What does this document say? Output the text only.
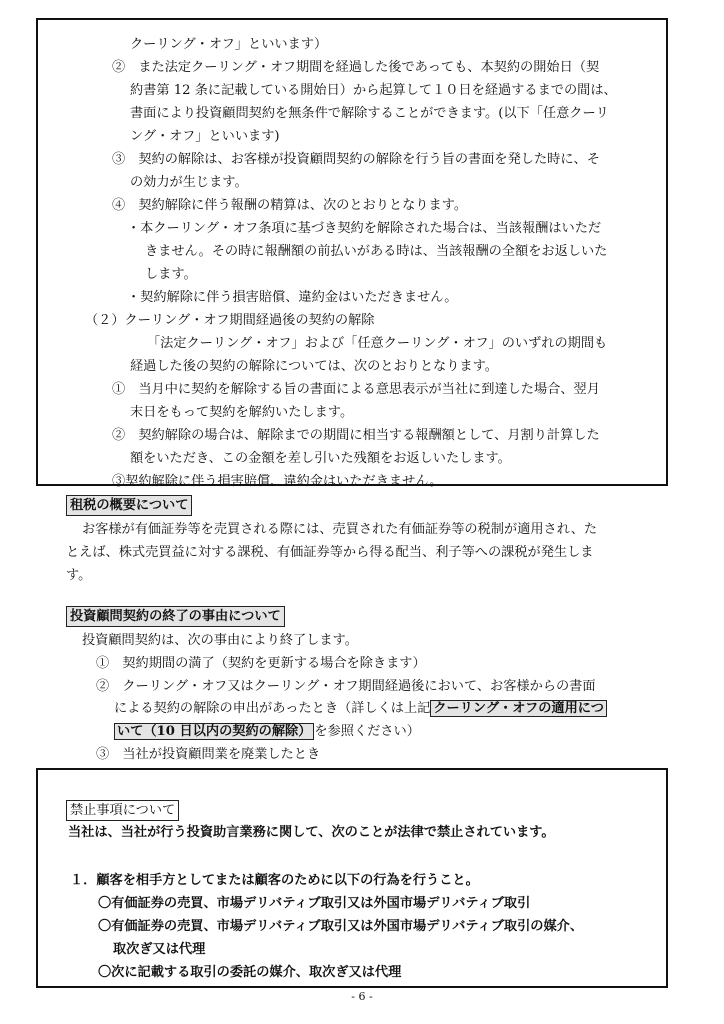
クーリング・オフ」といいます）
②　また法定クーリング・オフ期間を経過した後であっても、本契約の開始日（契
約書第 12 条に記載している開始日）から起算して１０日を経過するまでの間は、
書面により投資顧問契約を無条件で解除することができます。(以下「任意クーリ
ング・オフ」といいます)
③　契約の解除は、お客様が投資顧問契約の解除を行う旨の書面を発した時に、そ
の効力が生じます。
④　契約解除に伴う報酬の精算は、次のとおりとなります。
・本クーリング・オフ条項に基づき契約を解除された場合は、当該報酬はいただ
きません。その時に報酬額の前払いがある時は、当該報酬の全額をお返しいた
します。
・契約解除に伴う損害賠償、違約金はいただきません。
（２）クーリング・オフ期間経過後の契約の解除
「法定クーリング・オフ」および「任意クーリング・オフ」のいずれの期間も
経過した後の契約の解除については、次のとおりとなります。
①　当月中に契約を解除する旨の書面による意思表示が当社に到達した場合、翌月
末日をもって契約を解約いたします。
②　契約解除の場合は、解除までの期間に相当する報酬額として、月割り計算した
額をいただき、この金額を差し引いた残額をお返しいたします。
③契約解除に伴う損害賠償、違約金はいただきません。
租税の概要について
お客様が有価証券等を売買される際には、売買された有価証券等の税制が適用され、た
とえば、株式売買益に対する課税、有価証券等から得る配当、利子等への課税が発生しま
す。
投資顧問契約の終了の事由について
投資顧問契約は、次の事由により終了します。
①　契約期間の満了（契約を更新する場合を除きます）
②　クーリング・オフ又はクーリング・オフ期間経過後において、お客様からの書面
による契約の解除の申出があったとき（詳しくは上記 クーリング・オフの適用につ
いて（10 日以内の契約の解除） を参照ください）
③　当社が投資顧問業を廃業したとき
禁止事項について
当社は、当社が行う投資助言業務に関して、次のことが法律で禁止されています。
１．顧客を相手方としてまたは顧客のために以下の行為を行うこと。
〇有価証券の売買、市場デリバティブ取引又は外国市場デリバティブ取引
〇有価証券の売買、市場デリバティブ取引又は外国市場デリバティブ取引の媒介、
取次ぎ又は代理
〇次に記載する取引の委託の媒介、取次ぎ又は代理
- 6 -
